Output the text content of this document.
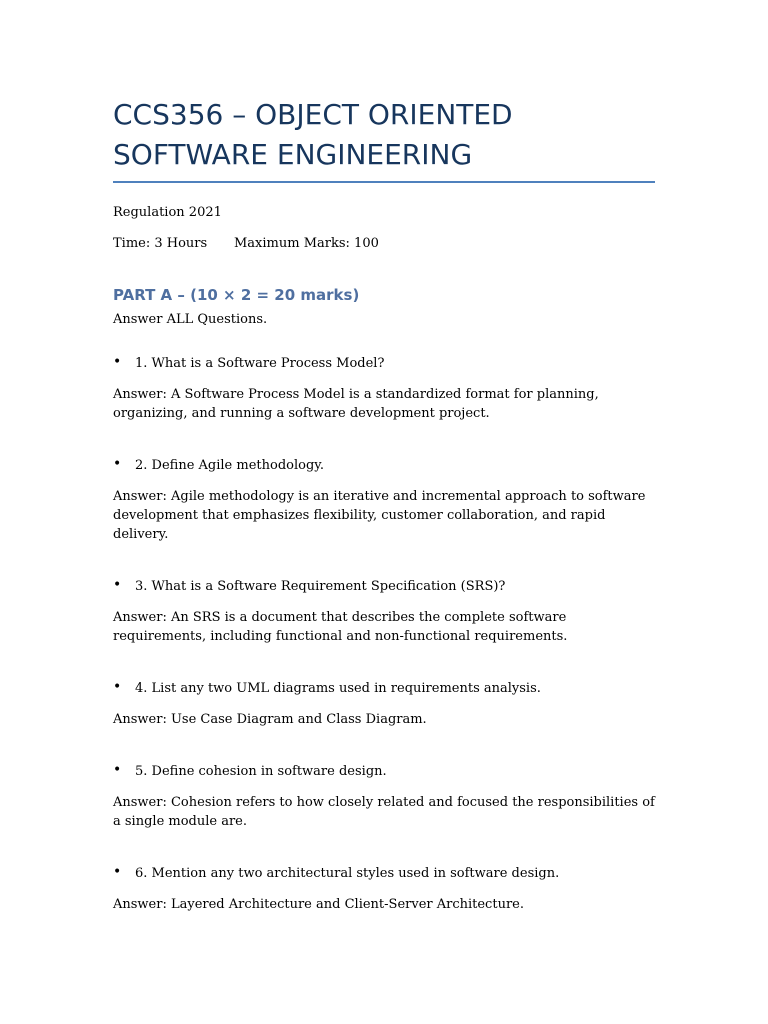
CCS356 – OBJECT ORIENTED SOFTWARE ENGINEERING

Regulation 2021

Time: 3 Hours	Maximum Marks: 100
PART A – (10 × 2 = 20 marks)

Answer ALL Questions.

• 1. What is a Software Process Model?

Answer: A Software Process Model is a standardized format for planning, organizing, and running a software development project.

• 2. Define Agile methodology.

Answer: Agile methodology is an iterative and incremental approach to software development that emphasizes flexibility, customer collaboration, and rapid delivery.

• 3. What is a Software Requirement Specification (SRS)?

Answer: An SRS is a document that describes the complete software requirements, including functional and non-functional requirements.

• 4. List any two UML diagrams used in requirements analysis.

Answer: Use Case Diagram and Class Diagram.

• 5. Define cohesion in software design.

Answer: Cohesion refers to how closely related and focused the responsibilities of a single module are.

• 6. Mention any two architectural styles used in software design.

Answer: Layered Architecture and Client-Server Architecture.
